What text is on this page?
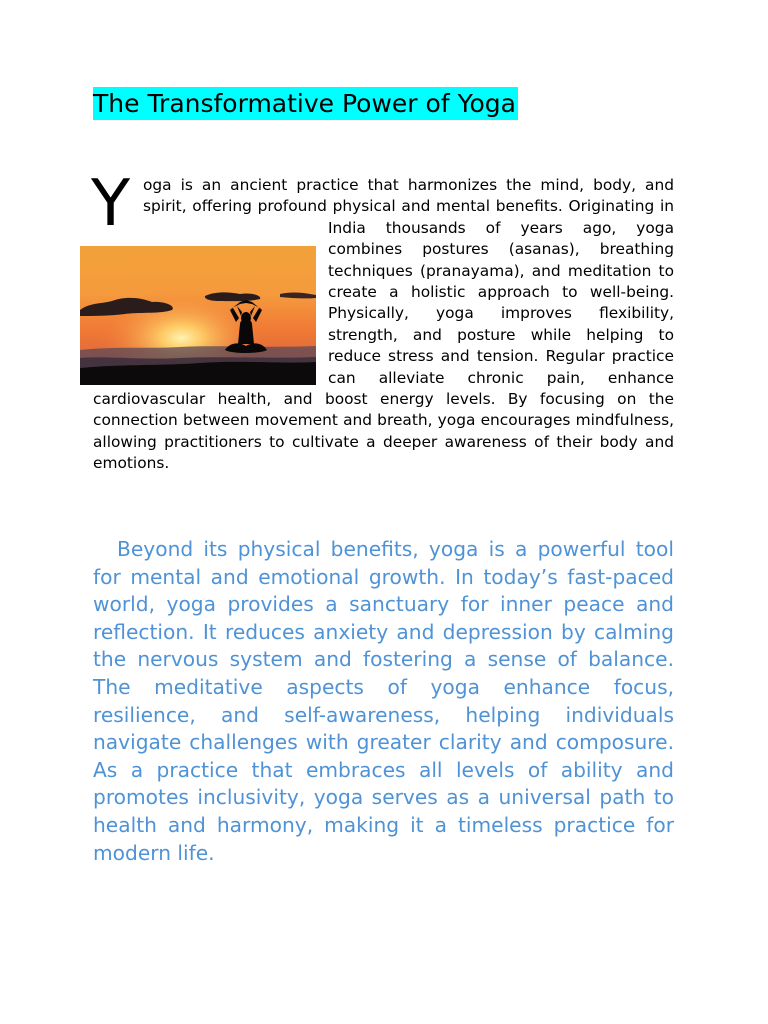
The Transformative Power of Yoga
Y oga is an ancient practice that harmonizes the mind, body, and spirit, offering profound physical and mental benefits. Originating in India thousands of years ago, yoga combines postures (asanas), breathing techniques (pranayama), and meditation to create a holistic approach to well-being. Physically, yoga improves flexibility, strength, and posture while helping to reduce stress and tension. Regular practice can alleviate chronic pain, enhance cardiovascular health, and boost energy levels. By focusing on the connection between movement and breath, yoga encourages mindfulness, allowing practitioners to cultivate a deeper awareness of their body and emotions.

Beyond its physical benefits, yoga is a powerful tool for mental and emotional growth. In today’s fast-paced world, yoga provides a sanctuary for inner peace and reflection. It reduces anxiety and depression by calming the nervous system and fostering a sense of balance. The meditative aspects of yoga enhance focus, resilience, and self-awareness, helping individuals navigate challenges with greater clarity and composure. As a practice that embraces all levels of ability and promotes inclusivity, yoga serves as a universal path to health and harmony, making it a timeless practice for modern life.
